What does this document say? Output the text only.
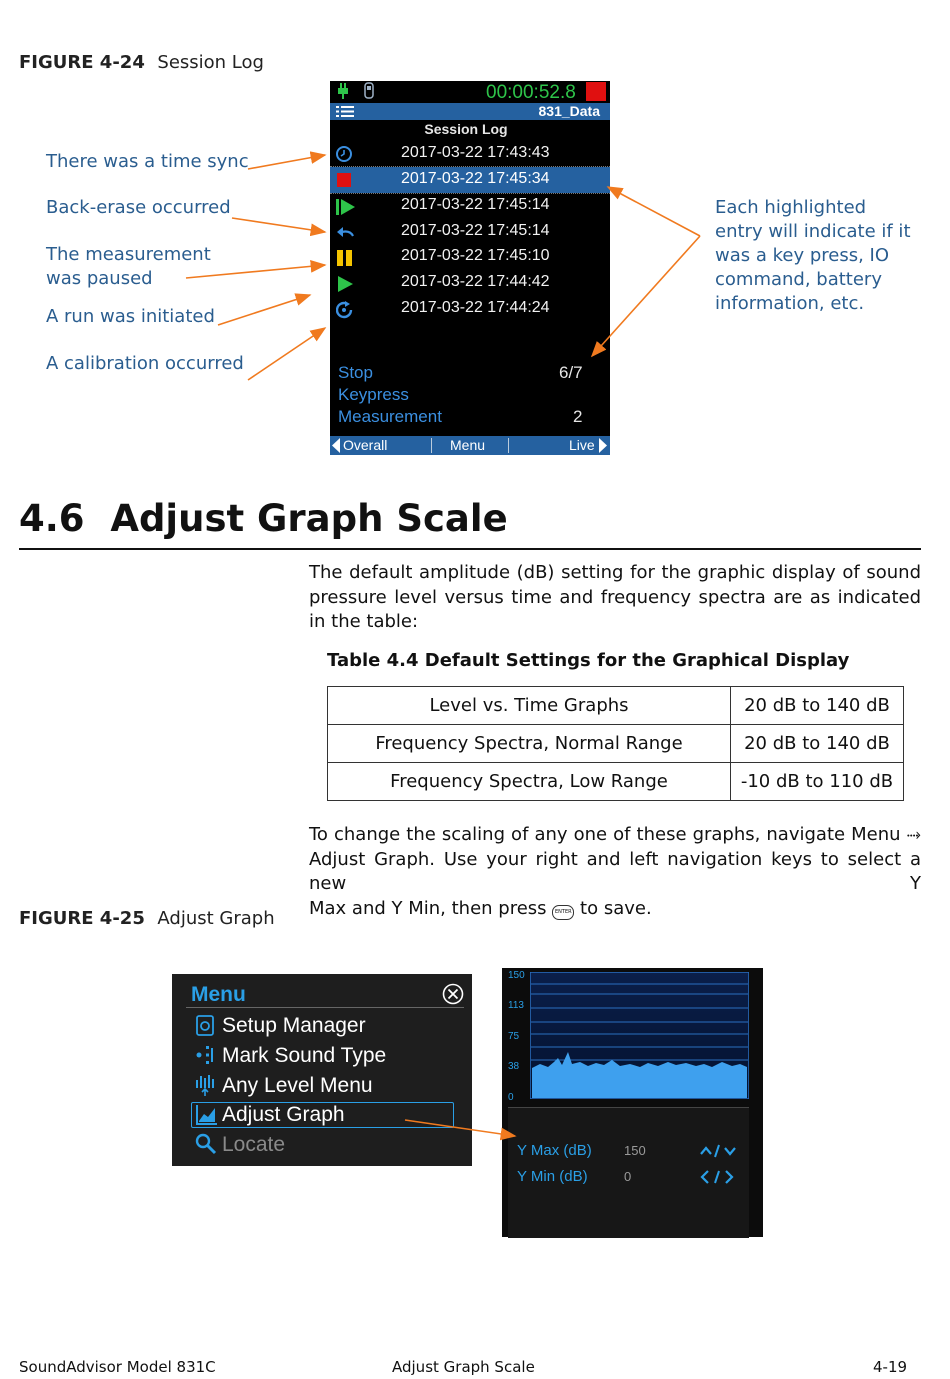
FIGURE 4-24 Session Log
00:00:52.8
831_Data
Session Log
2017-03-22 17:43:43
2017-03-22 17:45:34
2017-03-22 17:45:14
2017-03-22 17:45:14
2017-03-22 17:45:10
2017-03-22 17:44:42
2017-03-22 17:44:24
Stop	6/7
Keypress
Measurement	2
Overall	Menu	Live
There was a time sync
Back-erase occurred
The measurement
was paused
A run was initiated
A calibration occurred
Each highlighted
entry will indicate if it
was a key press, IO
command, battery
information, etc.
4.6 Adjust Graph Scale
The default amplitude (dB) setting for the graphic display of sound pressure level versus time and frequency spectra are as indicated in the table:
Table 4.4 Default Settings for the Graphical Display
Level vs. Time Graphs	20 dB to 140 dB
Frequency Spectra, Normal Range	20 dB to 140 dB
Frequency Spectra, Low Range	-10 dB to 110 dB
To change the scaling of any one of these graphs, navigate Menu ⤑
Adjust Graph. Use your right and left navigation keys to select a new Y
Max and Y Min, then press ENTER to save.
FIGURE 4-25 Adjust Graph
Menu
Setup Manager
Mark Sound Type
Any Level Menu
Adjust Graph
Locate
150
113
75
38
0
Y Max (dB) 150
Y Min (dB)	0
SoundAdvisor Model 831C	Adjust Graph Scale	4-19
